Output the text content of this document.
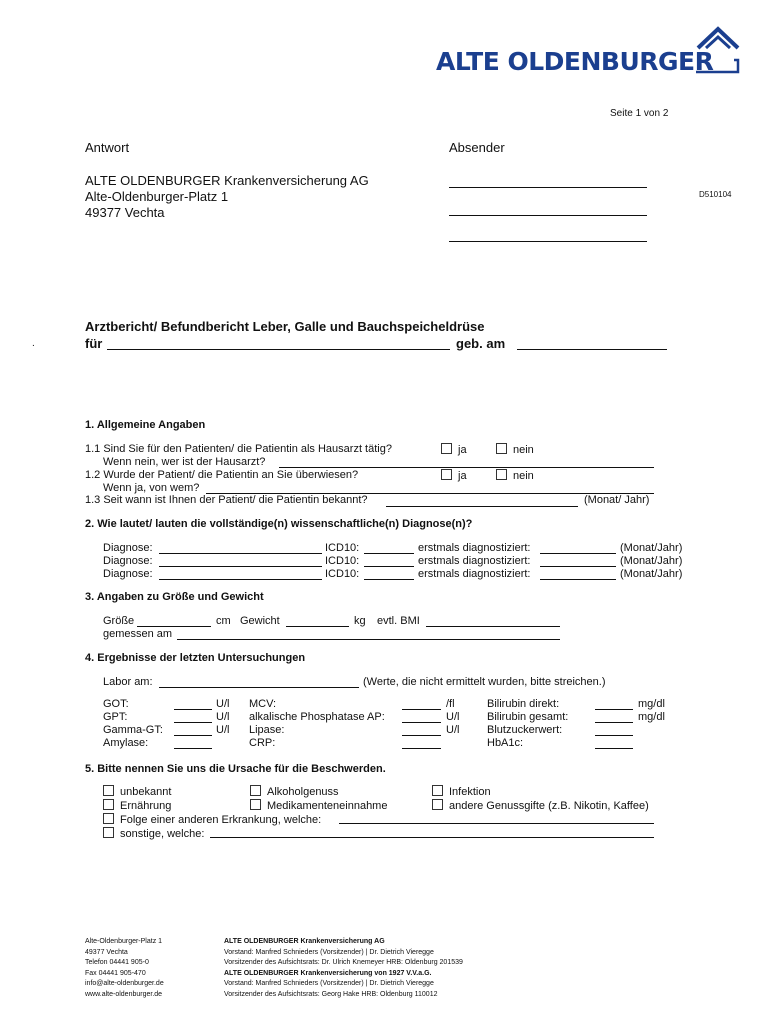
ALTE OLDENBURGER
Seite 1 von 2
Antwort
ALTE OLDENBURGER Krankenversicherung AG
Alte-Oldenburger-Platz 1
49377 Vechta
Absender
D510104
Arztbericht/ Befundbericht Leber, Galle und Bauchspeicheldrüse
für	geb. am
.
1. Allgemeine Angaben
1.1 Sind Sie für den Patienten/ die Patientin als Hausarzt tätig?	ja	nein
Wenn nein, wer ist der Hausarzt?
1.2 Wurde der Patient/ die Patientin an Sie überwiesen?	ja	nein
Wenn ja, von wem?
1.3 Seit wann ist Ihnen der Patient/ die Patientin bekannt?	(Monat/ Jahr)
2. Wie lautet/ lauten die vollständige(n) wissenschaftliche(n) Diagnose(n)?
Diagnose:	ICD10:	erstmals diagnostiziert:	(Monat/Jahr)
Diagnose:	ICD10:	erstmals diagnostiziert:	(Monat/Jahr)
Diagnose:	ICD10:	erstmals diagnostiziert:	(Monat/Jahr)
3. Angaben zu Größe und Gewicht
Größe	cm Gewicht	kg evtl. BMI
gemessen am
4. Ergebnisse der letzten Untersuchungen
Labor am:	(Werte, die nicht ermittelt wurden, bitte streichen.)
GOT:	U/l MCV:	/fl	Bilirubin direkt:	mg/dl
GPT:	U/l alkalische Phosphatase AP:	U/l	Bilirubin gesamt:	mg/dl
Gamma-GT:	U/l Lipase:	U/l	Blutzuckerwert:
Amylase:	CRP:	HbA1c:
5. Bitte nennen Sie uns die Ursache für die Beschwerden.
unbekannt
Ernährung
Alkoholgenuss
Medikamenteneinnahme
Infektion
andere Genussgifte (z.B. Nikotin, Kaffee)
Folge einer anderen Erkrankung, welche:
sonstige, welche:
Alte-Oldenburger-Platz 1
49377 Vechta
Telefon 04441 905-0
Fax 04441 905-470
info@alte-oldenburger.de
www.alte-oldenburger.de
ALTE OLDENBURGER Krankenversicherung AG
Vorstand: Manfred Schnieders (Vorsitzender) | Dr. Dietrich Vieregge
Vorsitzender des Aufsichtsrats: Dr. Ulrich Knemeyer HRB: Oldenburg 201539
ALTE OLDENBURGER Krankenversicherung von 1927 V.V.a.G.
Vorstand: Manfred Schnieders (Vorsitzender) | Dr. Dietrich Vieregge
Vorsitzender des Aufsichtsrats: Georg Hake HRB: Oldenburg 110012
